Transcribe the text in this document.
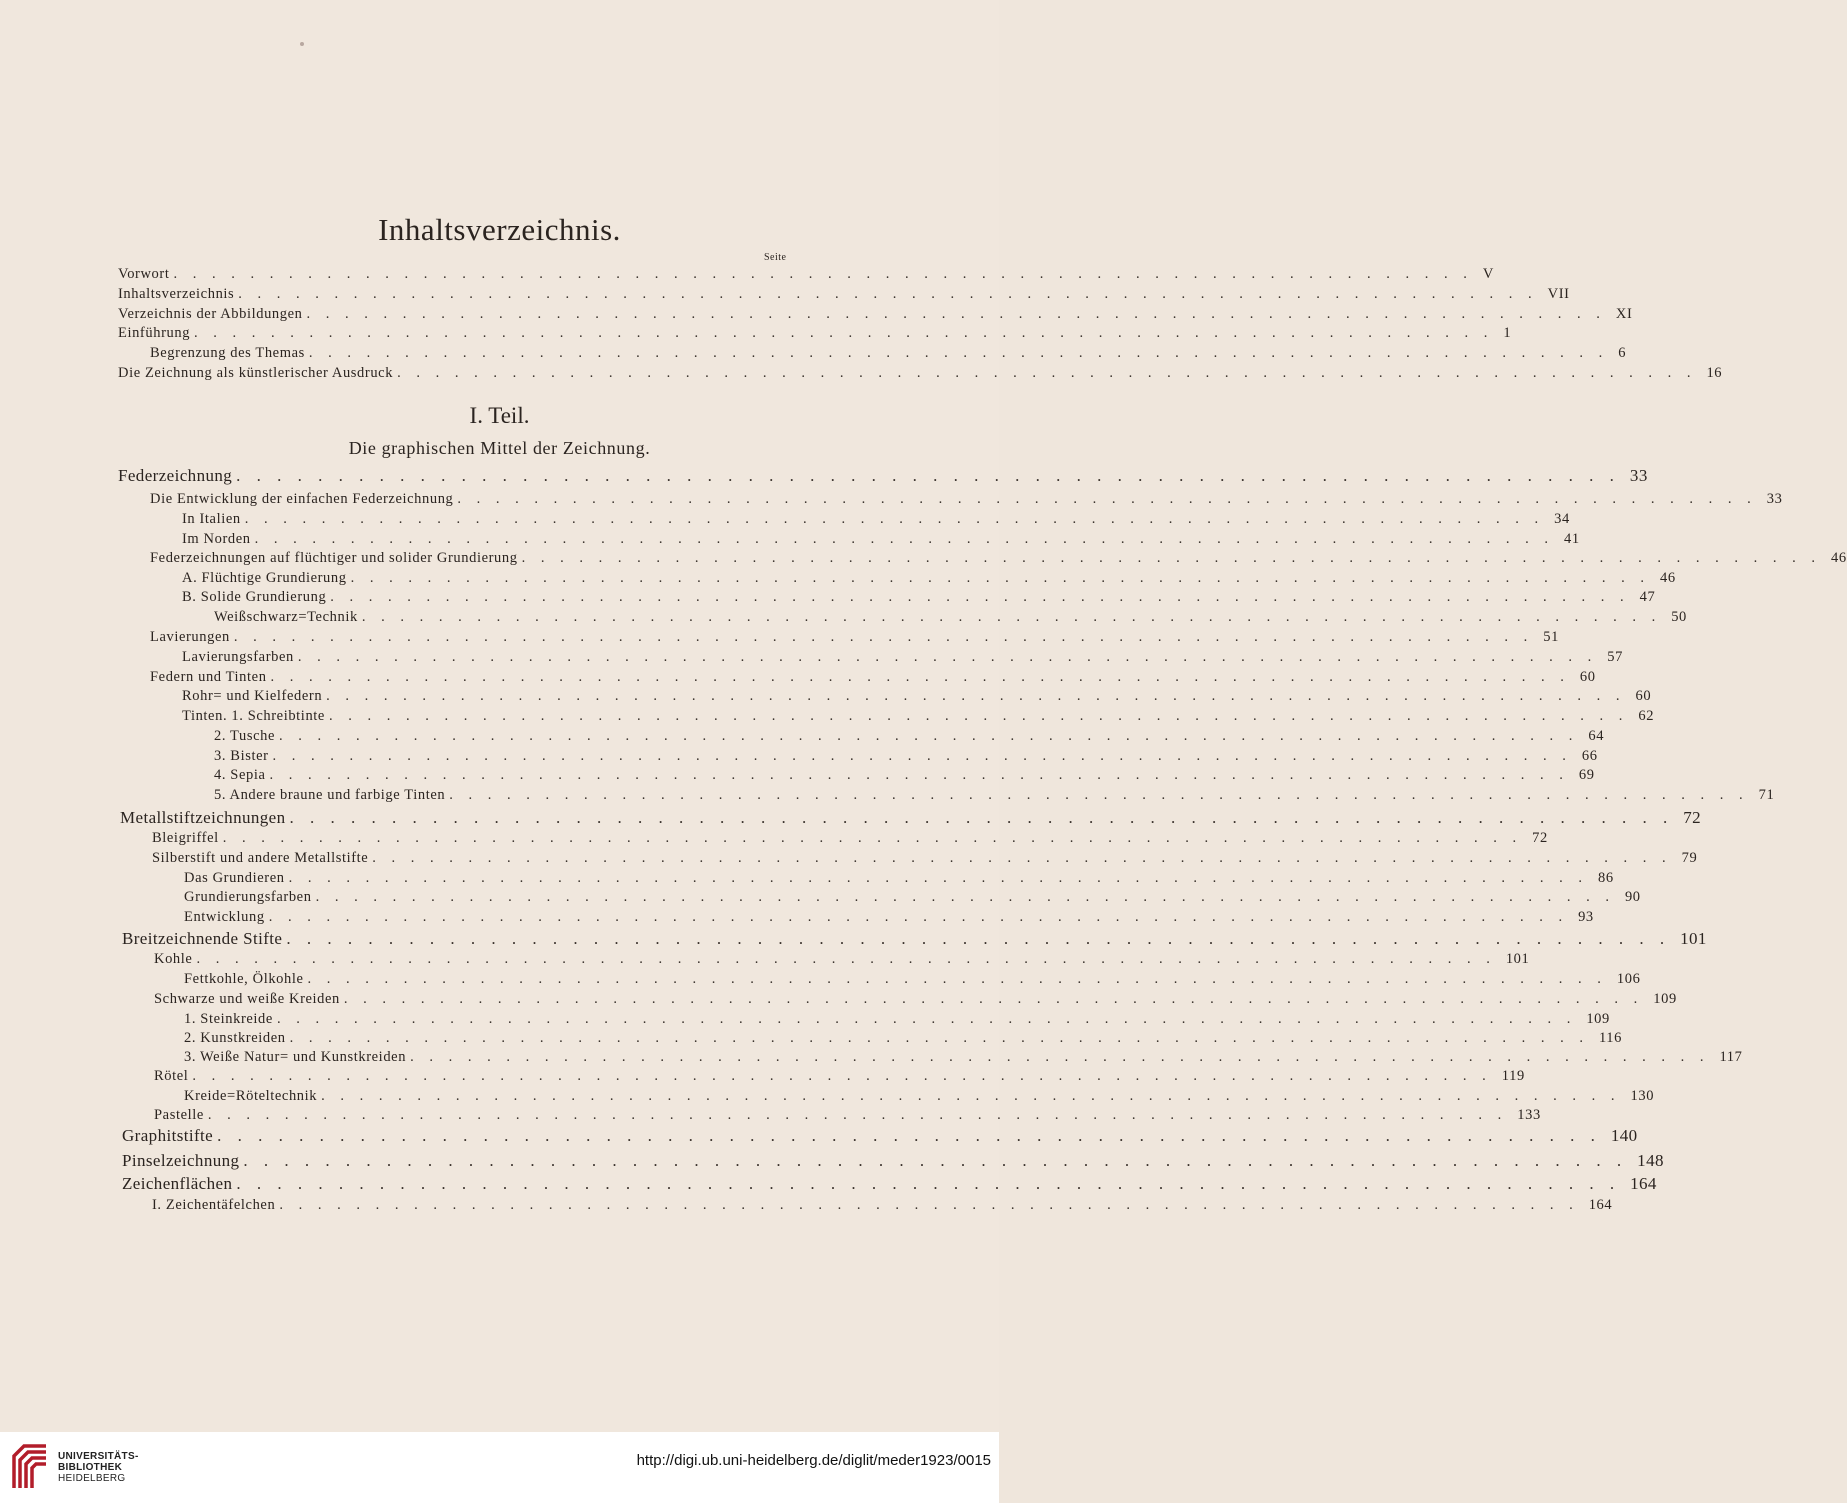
Inhaltsverzeichnis.
Seite
Vorwort . . . . . . . . . . . . . . . . . . . . . . . . . . . . . . . . . . . . . . . . . . . . . . . . . . . . . . . . . . . . . . . . . . . . V
Inhaltsverzeichnis . . . . . . . . . . . . . . . . . . . . . . . . . . . . . . . . . . . . . . . . . . . . . . . . . . . . . . . . . . . . . . . . . . . . VII
Verzeichnis der Abbildungen . . . . . . . . . . . . . . . . . . . . . . . . . . . . . . . . . . . . . . . . . . . . . . . . . . . . . . . . . . . . . . . . . . . . XI
Einführung . . . . . . . . . . . . . . . . . . . . . . . . . . . . . . . . . . . . . . . . . . . . . . . . . . . . . . . . . . . . . . . . . . . . 1
Begrenzung des Themas . . . . . . . . . . . . . . . . . . . . . . . . . . . . . . . . . . . . . . . . . . . . . . . . . . . . . . . . . . . . . . . . . . . . 6
Die Zeichnung als künstlerischer Ausdruck . . . . . . . . . . . . . . . . . . . . . . . . . . . . . . . . . . . . . . . . . . . . . . . . . . . . . . . . . . . . . . . . . . . . 16
I. Teil.
Die graphischen Mittel der Zeichnung.
Federzeichnung . . . . . . . . . . . . . . . . . . . . . . . . . . . . . . . . . . . . . . . . . . . . . . . . . . . . . . . . . . . . . . . . . . . . 33
Die Entwicklung der einfachen Federzeichnung . . . . . . . . . . . . . . . . . . . . . . . . . . . . . . . . . . . . . . . . . . . . . . . . . . . . . . . . . . . . . . . . . . . . 33
In Italien . . . . . . . . . . . . . . . . . . . . . . . . . . . . . . . . . . . . . . . . . . . . . . . . . . . . . . . . . . . . . . . . . . . . 34
Im Norden . . . . . . . . . . . . . . . . . . . . . . . . . . . . . . . . . . . . . . . . . . . . . . . . . . . . . . . . . . . . . . . . . . . . 41
Federzeichnungen auf flüchtiger und solider Grundierung . . . . . . . . . . . . . . . . . . . . . . . . . . . . . . . . . . . . . . . . . . . . . . . . . . . . . . . . . . . . . . . . . . . . 46
A. Flüchtige Grundierung . . . . . . . . . . . . . . . . . . . . . . . . . . . . . . . . . . . . . . . . . . . . . . . . . . . . . . . . . . . . . . . . . . . . 46
B. Solide Grundierung . . . . . . . . . . . . . . . . . . . . . . . . . . . . . . . . . . . . . . . . . . . . . . . . . . . . . . . . . . . . . . . . . . . . 47
Weißschwarz=Technik . . . . . . . . . . . . . . . . . . . . . . . . . . . . . . . . . . . . . . . . . . . . . . . . . . . . . . . . . . . . . . . . . . . . 50
Lavierungen . . . . . . . . . . . . . . . . . . . . . . . . . . . . . . . . . . . . . . . . . . . . . . . . . . . . . . . . . . . . . . . . . . . . 51
Lavierungsfarben . . . . . . . . . . . . . . . . . . . . . . . . . . . . . . . . . . . . . . . . . . . . . . . . . . . . . . . . . . . . . . . . . . . . 57
Federn und Tinten . . . . . . . . . . . . . . . . . . . . . . . . . . . . . . . . . . . . . . . . . . . . . . . . . . . . . . . . . . . . . . . . . . . . 60
Rohr= und Kielfedern . . . . . . . . . . . . . . . . . . . . . . . . . . . . . . . . . . . . . . . . . . . . . . . . . . . . . . . . . . . . . . . . . . . . 60
Tinten. 1. Schreibtinte . . . . . . . . . . . . . . . . . . . . . . . . . . . . . . . . . . . . . . . . . . . . . . . . . . . . . . . . . . . . . . . . . . . . 62
2. Tusche . . . . . . . . . . . . . . . . . . . . . . . . . . . . . . . . . . . . . . . . . . . . . . . . . . . . . . . . . . . . . . . . . . . . 64
3. Bister . . . . . . . . . . . . . . . . . . . . . . . . . . . . . . . . . . . . . . . . . . . . . . . . . . . . . . . . . . . . . . . . . . . . 66
4. Sepia . . . . . . . . . . . . . . . . . . . . . . . . . . . . . . . . . . . . . . . . . . . . . . . . . . . . . . . . . . . . . . . . . . . . 69
5. Andere braune und farbige Tinten . . . . . . . . . . . . . . . . . . . . . . . . . . . . . . . . . . . . . . . . . . . . . . . . . . . . . . . . . . . . . . . . . . . . 71
Metallstiftzeichnungen . . . . . . . . . . . . . . . . . . . . . . . . . . . . . . . . . . . . . . . . . . . . . . . . . . . . . . . . . . . . . . . . . . . . 72
Bleigriffel . . . . . . . . . . . . . . . . . . . . . . . . . . . . . . . . . . . . . . . . . . . . . . . . . . . . . . . . . . . . . . . . . . . . 72
Silberstift und andere Metallstifte . . . . . . . . . . . . . . . . . . . . . . . . . . . . . . . . . . . . . . . . . . . . . . . . . . . . . . . . . . . . . . . . . . . . 79
Das Grundieren . . . . . . . . . . . . . . . . . . . . . . . . . . . . . . . . . . . . . . . . . . . . . . . . . . . . . . . . . . . . . . . . . . . . 86
Grundierungsfarben . . . . . . . . . . . . . . . . . . . . . . . . . . . . . . . . . . . . . . . . . . . . . . . . . . . . . . . . . . . . . . . . . . . . 90
Entwicklung . . . . . . . . . . . . . . . . . . . . . . . . . . . . . . . . . . . . . . . . . . . . . . . . . . . . . . . . . . . . . . . . . . . . 93
Breitzeichnende Stifte . . . . . . . . . . . . . . . . . . . . . . . . . . . . . . . . . . . . . . . . . . . . . . . . . . . . . . . . . . . . . . . . . . . . 101
Kohle . . . . . . . . . . . . . . . . . . . . . . . . . . . . . . . . . . . . . . . . . . . . . . . . . . . . . . . . . . . . . . . . . . . . 101
Fettkohle, Ölkohle . . . . . . . . . . . . . . . . . . . . . . . . . . . . . . . . . . . . . . . . . . . . . . . . . . . . . . . . . . . . . . . . . . . . 106
Schwarze und weiße Kreiden . . . . . . . . . . . . . . . . . . . . . . . . . . . . . . . . . . . . . . . . . . . . . . . . . . . . . . . . . . . . . . . . . . . . 109
1. Steinkreide . . . . . . . . . . . . . . . . . . . . . . . . . . . . . . . . . . . . . . . . . . . . . . . . . . . . . . . . . . . . . . . . . . . . 109
2. Kunstkreiden . . . . . . . . . . . . . . . . . . . . . . . . . . . . . . . . . . . . . . . . . . . . . . . . . . . . . . . . . . . . . . . . . . . . 116
3. Weiße Natur= und Kunstkreiden . . . . . . . . . . . . . . . . . . . . . . . . . . . . . . . . . . . . . . . . . . . . . . . . . . . . . . . . . . . . . . . . . . . . 117
Rötel . . . . . . . . . . . . . . . . . . . . . . . . . . . . . . . . . . . . . . . . . . . . . . . . . . . . . . . . . . . . . . . . . . . . 119
Kreide=Röteltechnik . . . . . . . . . . . . . . . . . . . . . . . . . . . . . . . . . . . . . . . . . . . . . . . . . . . . . . . . . . . . . . . . . . . . 130
Pastelle . . . . . . . . . . . . . . . . . . . . . . . . . . . . . . . . . . . . . . . . . . . . . . . . . . . . . . . . . . . . . . . . . . . . 133
Graphitstifte . . . . . . . . . . . . . . . . . . . . . . . . . . . . . . . . . . . . . . . . . . . . . . . . . . . . . . . . . . . . . . . . . . . . 140
Pinselzeichnung . . . . . . . . . . . . . . . . . . . . . . . . . . . . . . . . . . . . . . . . . . . . . . . . . . . . . . . . . . . . . . . . . . . . 148
Zeichenflächen . . . . . . . . . . . . . . . . . . . . . . . . . . . . . . . . . . . . . . . . . . . . . . . . . . . . . . . . . . . . . . . . . . . . 164
I. Zeichentäfelchen . . . . . . . . . . . . . . . . . . . . . . . . . . . . . . . . . . . . . . . . . . . . . . . . . . . . . . . . . . . . . . . . . . . . 164
UNIVERSITÄTS-
BIBLIOTHEK
HEIDELBERG
http://digi.ub.uni-heidelberg.de/diglit/meder1923/0015
